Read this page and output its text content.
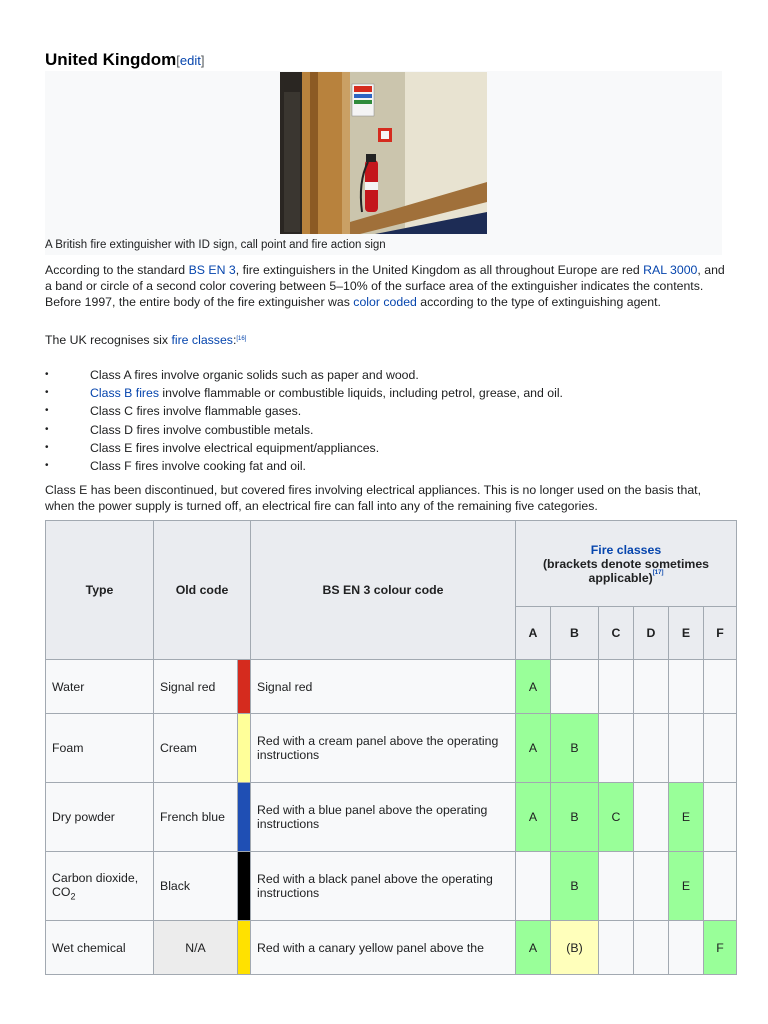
United Kingdom[edit]
A British fire extinguisher with ID sign, call point and fire action sign
According to the standard BS EN 3, fire extinguishers in the United Kingdom as all throughout Europe are red RAL 3000, and a band or circle of a second color covering between 5–10% of the surface area of the extinguisher indicates the contents. Before 1997, the entire body of the fire extinguisher was color coded according to the type of extinguishing agent.
The UK recognises six fire classes:[16]
•	Class A fires involve organic solids such as paper and wood.
•	Class B fires involve flammable or combustible liquids, including petrol, grease, and oil.
•	Class C fires involve flammable gases.
•	Class D fires involve combustible metals.
•	Class E fires involve electrical equipment/appliances.
•	Class F fires involve cooking fat and oil.
Class E has been discontinued, but covered fires involving electrical appliances. This is no longer used on the basis that, when the power supply is turned off, an electrical fire can fall into any of the remaining five categories.
Type	Old code		BS EN 3 colour code	Fire classes
(brackets denote sometimes applicable)[17]
				A	B	C	D	E	F
Water	Signal red		Signal red	A					
Foam	Cream		Red with a cream panel above the operating instructions	A	B				
Dry powder	French blue		Red with a blue panel above the operating instructions	A	B	C		E	
Carbon dioxide, $CO_2$	Black		Red with a black panel above the operating instructions		B			E	
Wet chemical	N/A		Red with a canary yellow panel above the	A	(B)				F
